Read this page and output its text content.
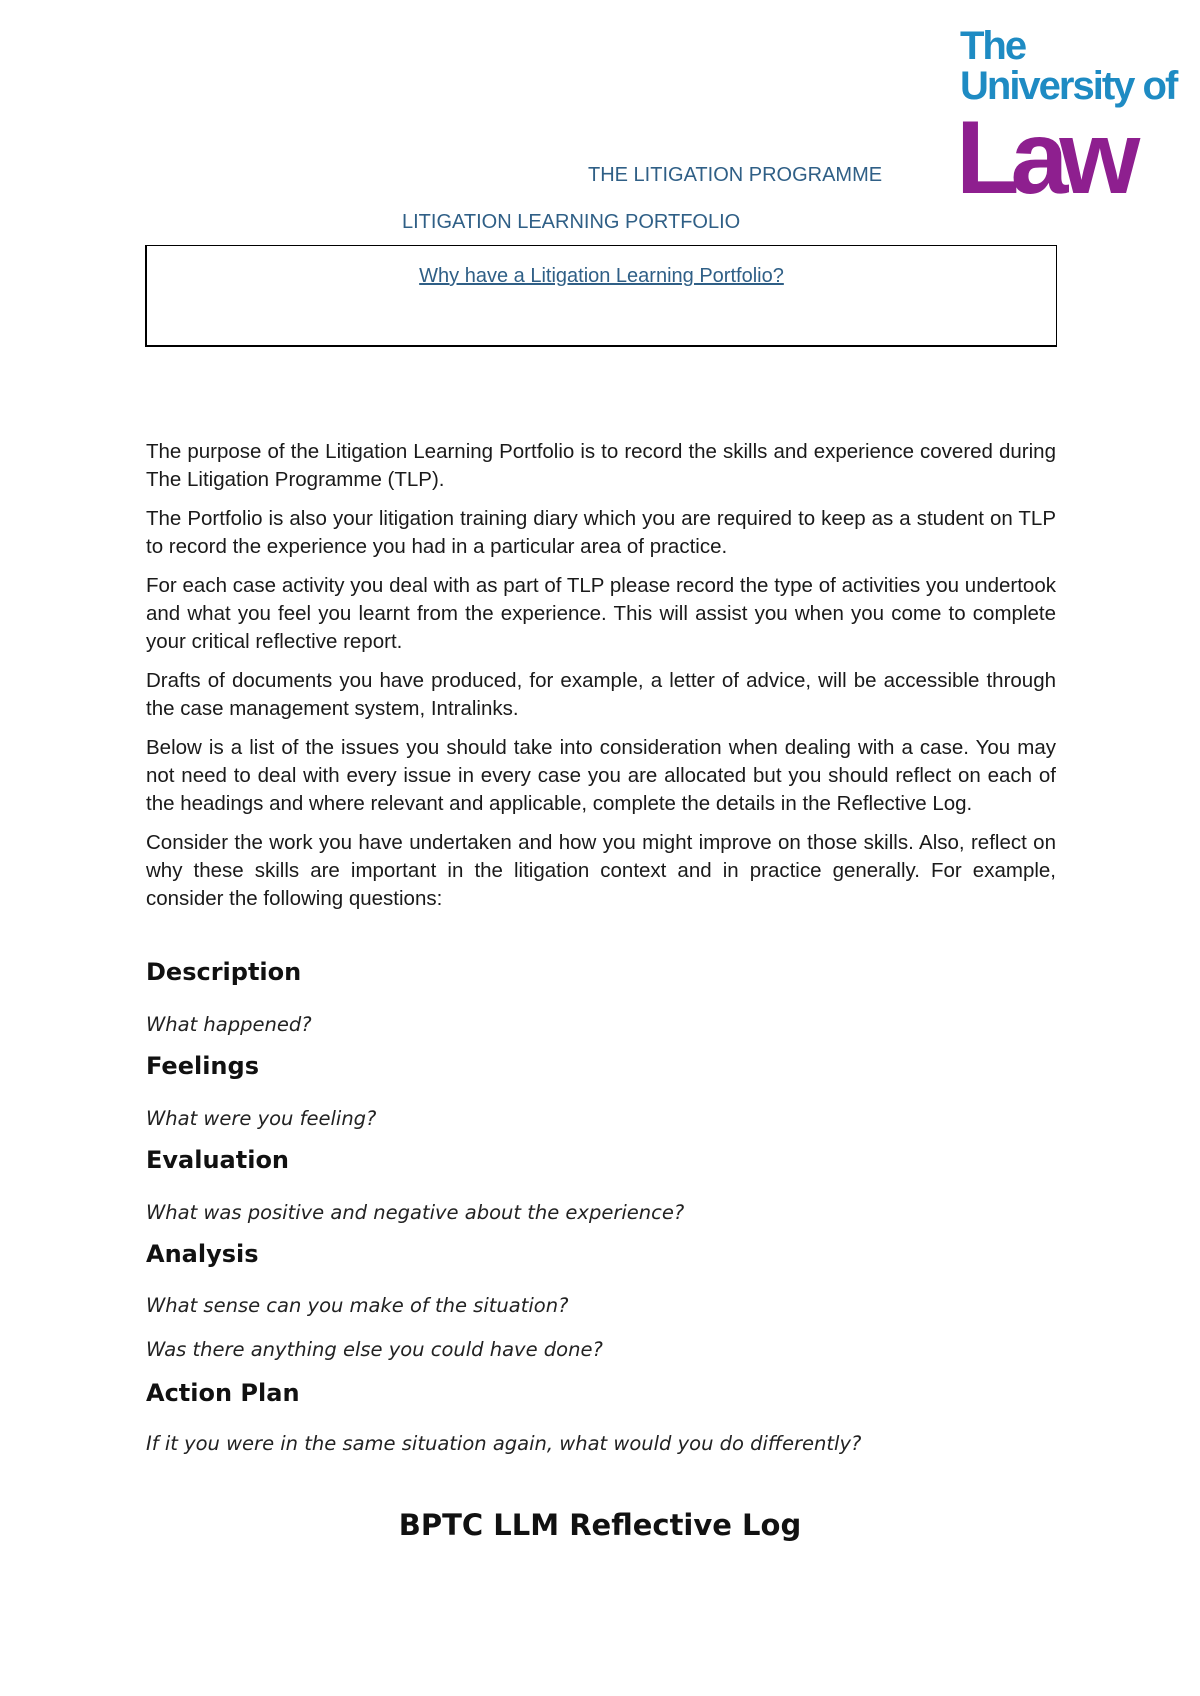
The
University of
Law
THE LITIGATION PROGRAMME
LITIGATION LEARNING PORTFOLIO
Why have a Litigation Learning Portfolio?

The purpose of the Litigation Learning Portfolio is to record the skills and experience covered during The Litigation Programme (TLP).

The Portfolio is also your litigation training diary which you are required to keep as a student on TLP to record the experience you had in a particular area of practice.

For each case activity you deal with as part of TLP please record the type of activities you undertook and what you feel you learnt from the experience. This will assist you when you come to complete your critical reflective report.

Drafts of documents you have produced, for example, a letter of advice, will be accessible through the case management system, Intralinks.

Below is a list of the issues you should take into consideration when dealing with a case. You may not need to deal with every issue in every case you are allocated but you should reflect on each of the headings and where relevant and applicable, complete the details in the Reflective Log.

Consider the work you have undertaken and how you might improve on those skills. Also, reflect on why these skills are important in the litigation context and in practice generally. For example, consider the following questions:

Description
What happened?
Feelings
What were you feeling?
Evaluation
What was positive and negative about the experience?
Analysis
What sense can you make of the situation?
Was there anything else you could have done?
Action Plan
If it you were in the same situation again, what would you do differently?
BPTC LLM Reflective Log
